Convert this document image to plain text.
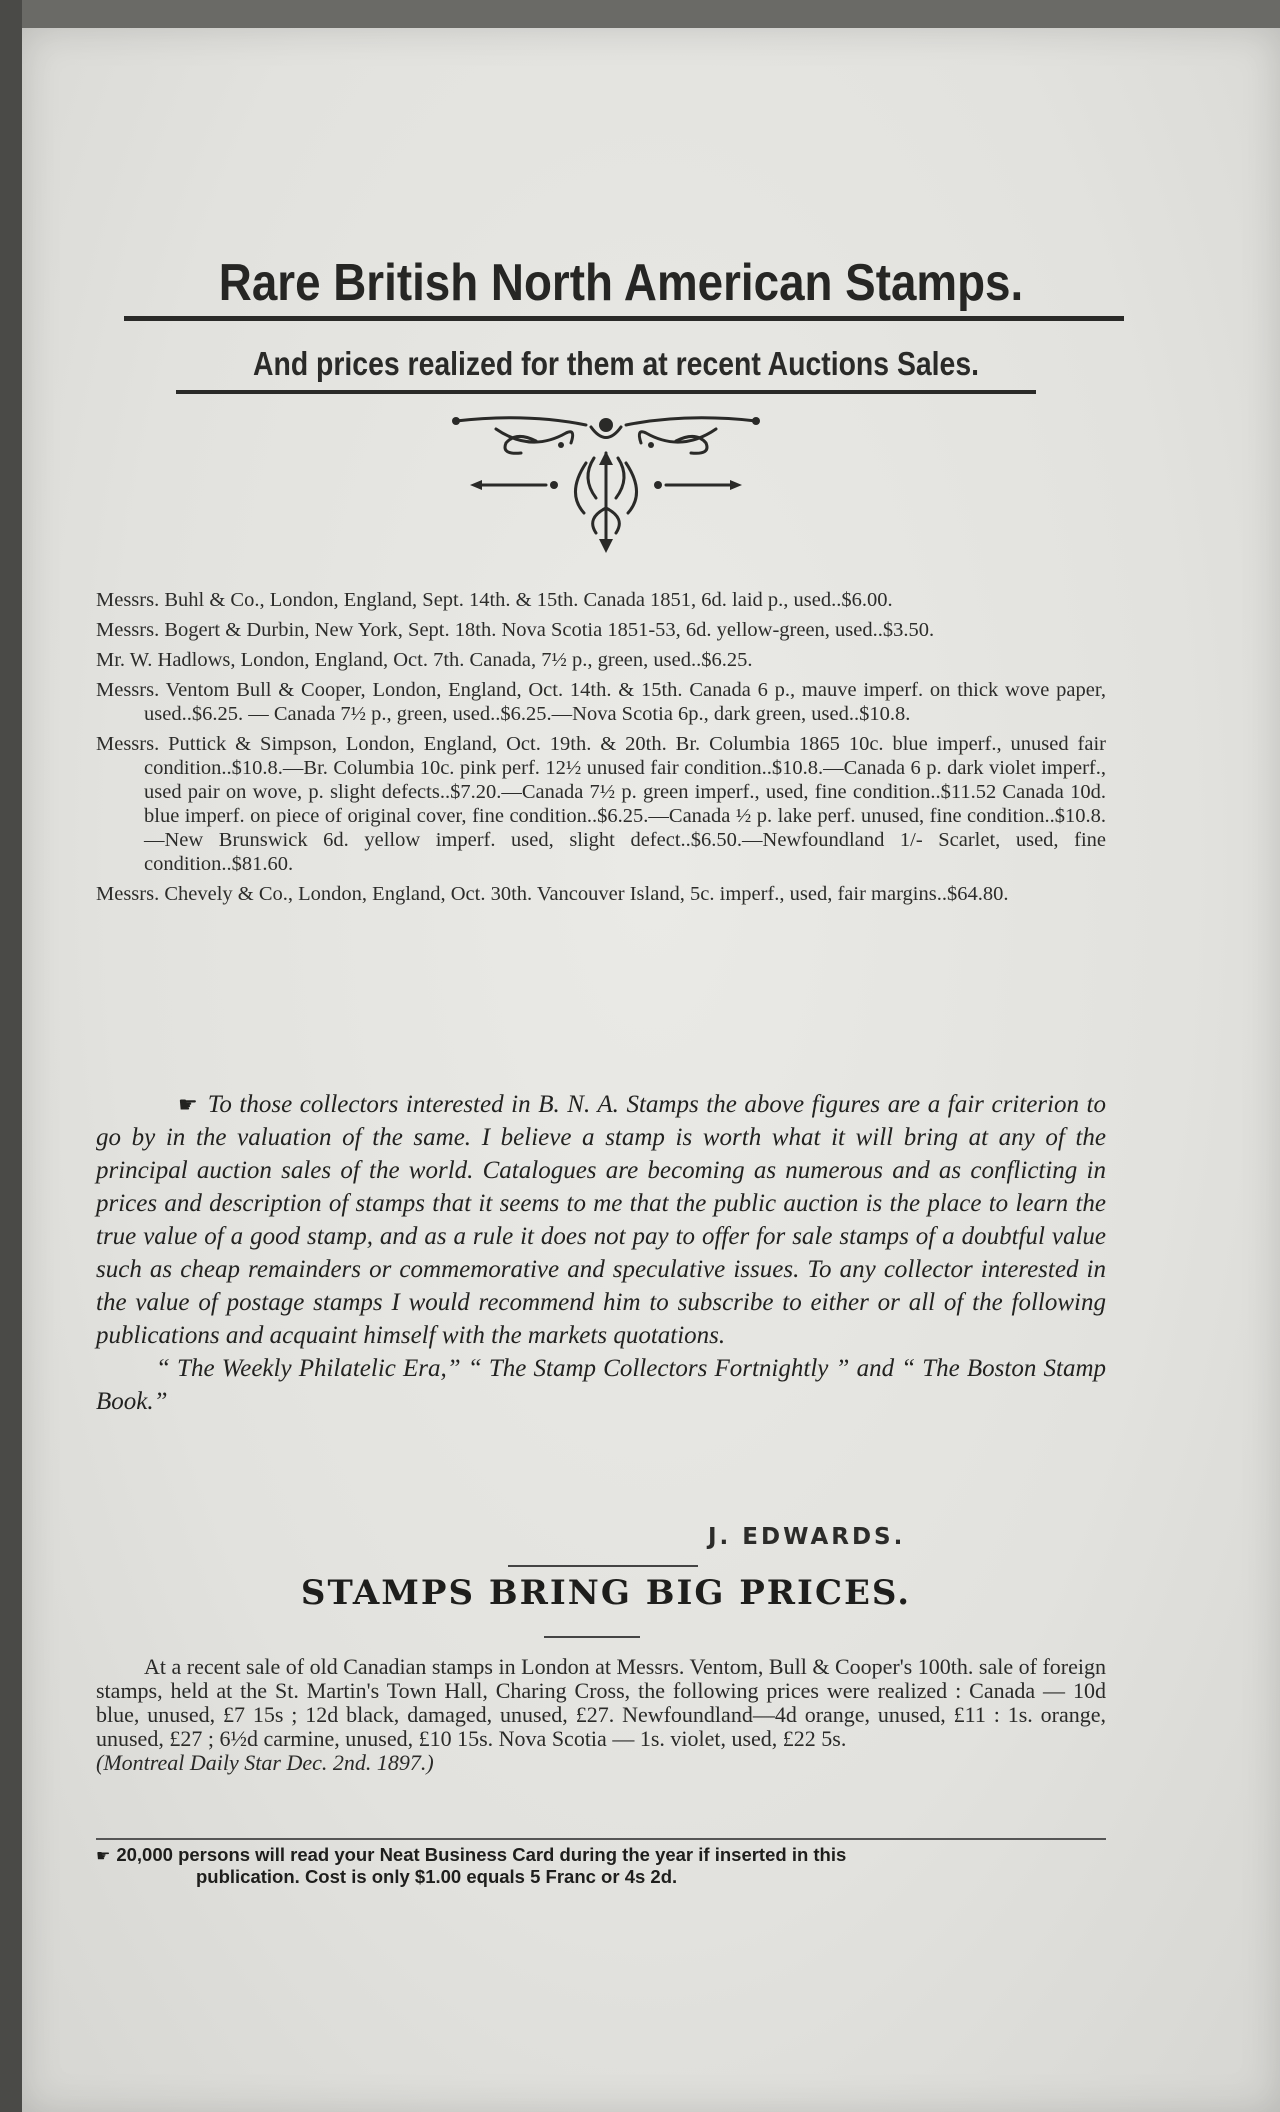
Rare British North American Stamps.
And prices realized for them at recent Auctions Sales.

Messrs. Buhl & Co., London, England, Sept. 14th. & 15th. Canada 1851, 6d. laid p., used..$6.00.

Messrs. Bogert & Durbin, New York, Sept. 18th. Nova Scotia 1851-53, 6d. yellow-green, used..$3.50.

Mr. W. Hadlows, London, England, Oct. 7th. Canada, 7½ p., green, used..$6.25.

Messrs. Ventom Bull & Cooper, London, England, Oct. 14th. & 15th. Canada 6 p., mauve imperf. on thick wove paper, used..$6.25. — Canada 7½ p., green, used..$6.25.—Nova Scotia 6p., dark green, used..$10.8.

Messrs. Puttick & Simpson, London, England, Oct. 19th. & 20th. Br. Columbia 1865 10c. blue imperf., unused fair condition..$10.8.—Br. Columbia 10c. pink perf. 12½ unused fair condition..$10.8.—Canada 6 p. dark violet imperf., used pair on wove, p. slight defects..$7.20.—Canada 7½ p. green imperf., used, fine condition..$11.52 Canada 10d. blue imperf. on piece of original cover, fine condition..$6.25.—Canada ½ p. lake perf. unused, fine condition..$10.8.—New Brunswick 6d. yellow imperf. used, slight defect..$6.50.—Newfoundland 1/- Scarlet, used, fine condition..$81.60.

Messrs. Chevely & Co., London, England, Oct. 30th. Vancouver Island, 5c. imperf., used, fair margins..$64.80.

☛ To those collectors interested in B. N. A. Stamps the above figures are a fair criterion to go by in the valuation of the same. I believe a stamp is worth what it will bring at any of the principal auction sales of the world. Catalogues are becoming as numerous and as conflicting in prices and description of stamps that it seems to me that the public auction is the place to learn the true value of a good stamp, and as a rule it does not pay to offer for sale stamps of a doubtful value such as cheap remainders or commemorative and speculative issues. To any collector interested in the value of postage stamps I would recommend him to subscribe to either or all of the following publications and acquaint himself with the markets quotations.

“ The Weekly Philatelic Era,” “ The Stamp Collectors Fortnightly ” and “ The Boston Stamp Book.”

J. EDWARDS.
STAMPS BRING BIG PRICES.

At a recent sale of old Canadian stamps in London at Messrs. Ventom, Bull & Cooper's 100th. sale of foreign stamps, held at the St. Martin's Town Hall, Charing Cross, the following prices were realized : Canada — 10d blue, unused, £7 15s ; 12d black, damaged, unused, £27. Newfoundland—4d orange, unused, £11 : 1s. orange, unused, £27 ; 6½d carmine, unused, £10 15s. Nova Scotia — 1s. violet, used, £22 5s.
(Montreal Daily Star Dec. 2nd. 1897.)

☛ 20,000 persons will read your Neat Business Card during the year if inserted in this
publication. Cost is only $1.00 equals 5 Franc or 4s 2d.
